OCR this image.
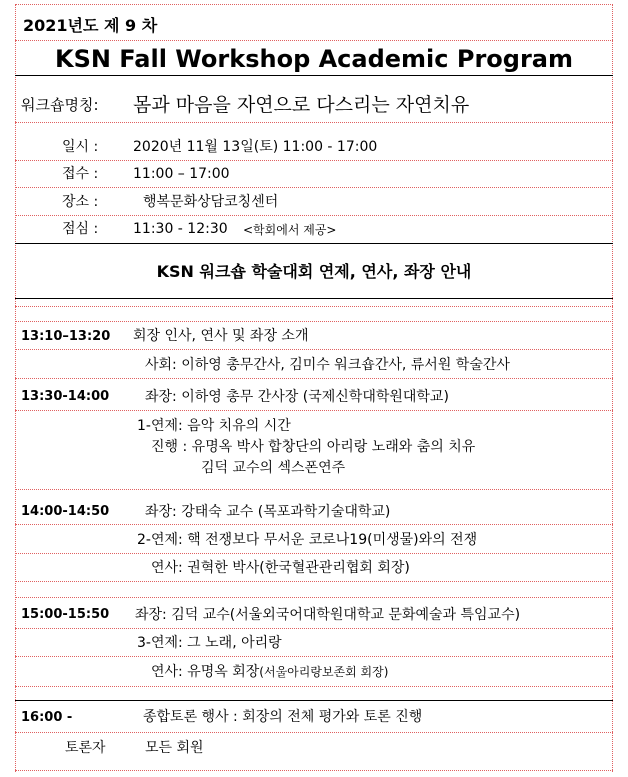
2021년도 제 9 차
KSN Fall Workshop Academic Program
워크숍명칭: 몸과 마음을 자연으로 다스리는 자연치유
일시 : 2020년 11월 13일(토) 11:00 - 17:00
접수 : 11:00 – 17:00
장소 :	행복문화상담코칭센터
점심 : 11:30 - 12:30 <학회에서 제공>
KSN 워크숍 학술대회 연제, 연사, 좌장 안내
13:10–13:20 회장 인사, 연사 및 좌장 소개
사회: 이하영 총무간사, 김미수 워크숍간사, 류서원 학술간사
13:30-14:00	좌장: 이하영 총무 간사장 (국제신학대학원대학교)
1-연제: 음악 치유의 시간
진행 : 유명옥 박사 합창단의 아리랑 노래와 춤의 치유
김덕 교수의 섹스폰연주
14:00-14:50	좌장: 강태숙 교수 (목포과학기술대학교)
2-연제: 핵 전쟁보다 무서운 코로나19(미생물)와의 전쟁
연사: 권혁한 박사(한국혈관관리협회 회장)
15:00-15:50 좌장: 김덕 교수(서울외국어대학원대학교 문화예술과 특임교수)
3-연제: 그 노래, 아리랑
연사: 유명옥 회장(서울아리랑보존회 회장)
16:00 -	종합토론 행사 : 회장의 전체 평가와 토론 진행
토론자	모든 회원
